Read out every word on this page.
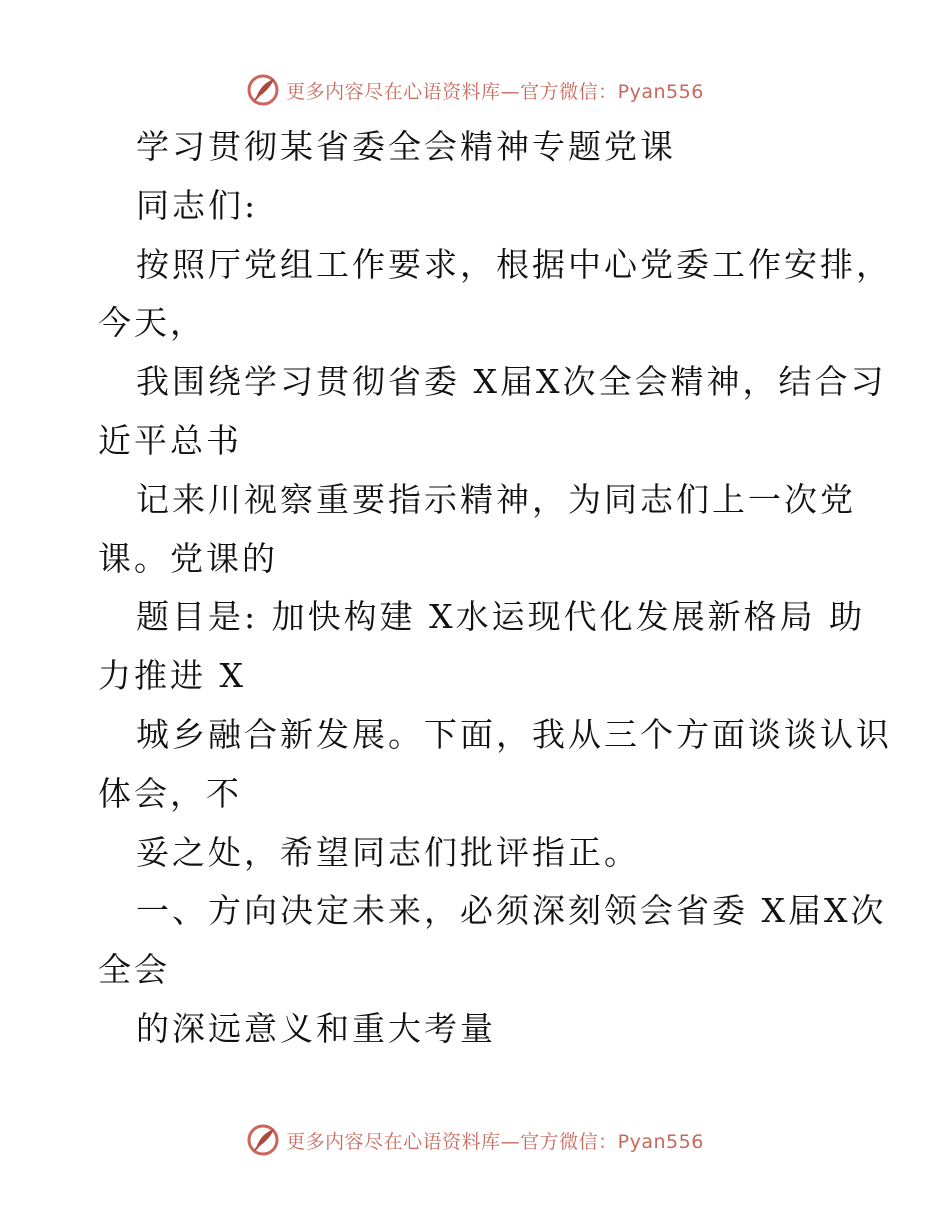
更多内容尽在心语资料库—官方微信：Pyan556
学习贯彻某省委全会精神专题党课
同志们:
按照厅党组工作要求，根据中心党委工作安排，
今天，
我围绕学习贯彻省委 X届X次全会精神，结合习
近平总书
记来川视察重要指示精神，为同志们上一次党
课。党课的
题目是: 加快构建 X水运现代化发展新格局 助
力推进 X
城乡融合新发展。下面，我从三个方面谈谈认识
体会，不
妥之处，希望同志们批评指正。
一、方向决定未来，必须深刻领会省委 X届X次
全会
的深远意义和重大考量
更多内容尽在心语资料库—官方微信：Pyan556
